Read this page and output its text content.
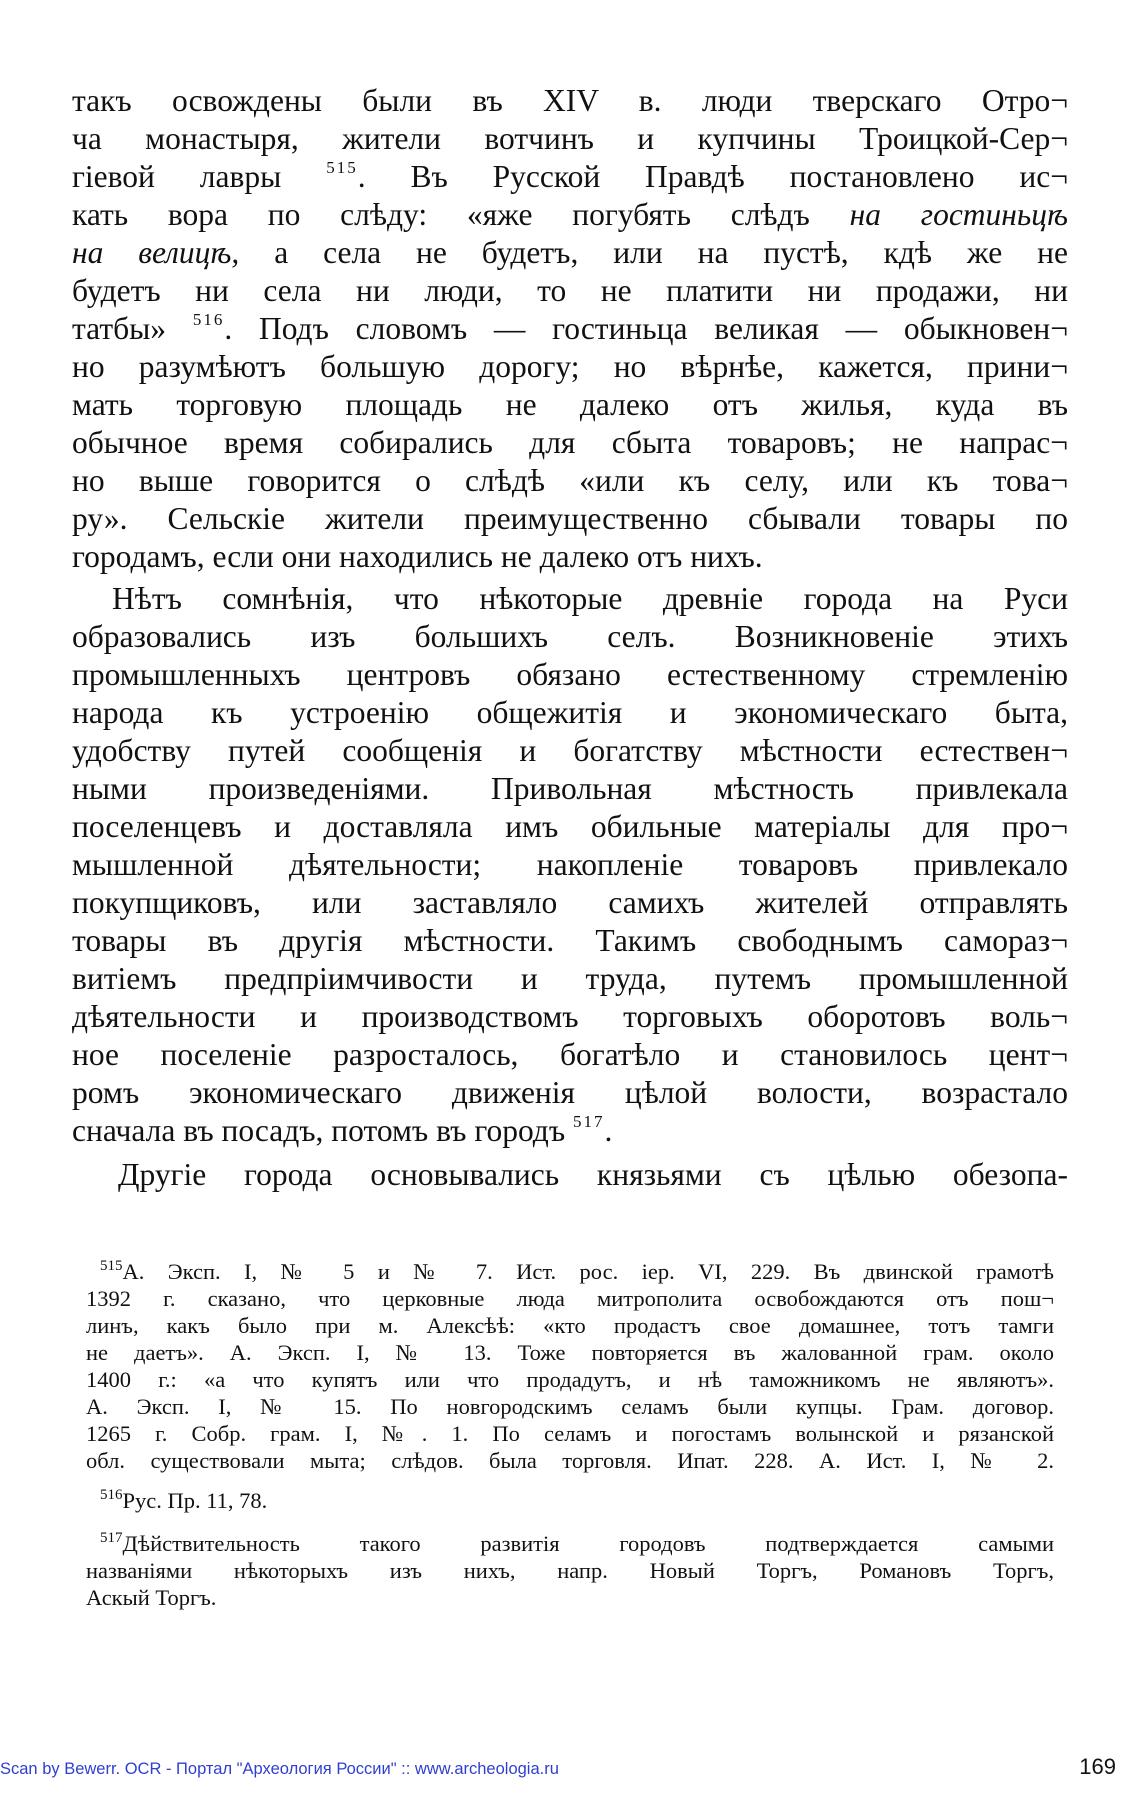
такъ освождены были въ XIV в. люди тверскаго Отро¬
ча монастыря, жители вотчинъ и купчины Троицкой-Сер¬
гіевой лавры	$^{515}$. Въ Русской Правдѣ постановлено ис¬
кать вора по слѣду: «яже погубять слѣдъ на гостиньцѣ
на велицѣ, а села не будетъ, или на пустѣ, кдѣ же не
будетъ ни села ни люди, то не платити ни продажи, ни
татбы» $^{516}$. Подъ словомъ — гостиньца великая — обыкновен¬
но разумѣютъ большую дорогу; но вѣрнѣе, кажется, прини¬
мать торговую площадь не далеко отъ жилья, куда въ
обычное время собирались для сбыта товаровъ; не напрас¬
но выше говорится о слѣдѣ «или къ селу, или къ това¬
ру». Сельскіе жители преимущественно сбывали товары по
городамъ, если они находились не далеко отъ нихъ.
Нѣтъ сомнѣнія, что нѣкоторые древніе города на Руси
образовались изъ большихъ селъ. Возникновеніе этихъ
промышленныхъ центровъ обязано естественному стремленію
народа къ устроенію общежитія и экономическаго быта,
удобству путей сообщенія и богатству мѣстности естествен¬
ными произведеніями. Привольная мѣстность привлекала
поселенцевъ и доставляла имъ обильные матеріалы для про¬
мышленной дѣятельности; накопленіе товаровъ привлекало
покупщиковъ, или заставляло самихъ жителей отправлять
товары въ другія мѣстности. Такимъ свободнымъ самораз¬
витіемъ предпріимчивости и труда, путемъ промышленной
дѣятельности и производствомъ торговыхъ оборотовъ воль¬
ное поселеніе разросталось, богатѣло и становилось цент¬
ромъ экономическаго движенія цѣлой волости, возрастало
сначала въ посадъ, потомъ въ городъ $^{517}$.
Другіе города основывались князьями съ цѣлью обезопа-
$^{515}$А. Эксп. I, № 5 и № 7. Ист. рос. іер. VI, 229. Въ двинской грамотѣ
1392 г. сказано, что церковные люда митрополита освобождаются отъ пош¬
линъ, какъ было при м. Алексѣѣ: «кто продастъ свое домашнее, тотъ тамги
не даетъ». А. Эксп. I, № 13. Тоже повторяется въ жалованной грам. около
1400 г.: «а что купятъ или что продадутъ, и нѣ таможникомъ не являютъ».
А. Эксп. I, № 15. По новгородскимъ селамъ были купцы. Грам. договор.
1265 г. Собр. грам. I, №. 1. По селамъ и погостамъ волынской и рязанской
обл. существовали мыта; слѣдов. была торговля. Ипат. 228. А. Ист. I, № 2.
$^{516}$Рус. Пр. 11, 78.
$^{517}$Дѣйствительность такого развитія городовъ подтверждается самыми
названіями нѣкоторыхъ изъ нихъ, напр. Новый Торгъ, Романовъ Торгъ,
Аскый Торгъ.
Scan by Bewerr. OCR - Портал "Археология России" :: www.archeologia.ru	169
